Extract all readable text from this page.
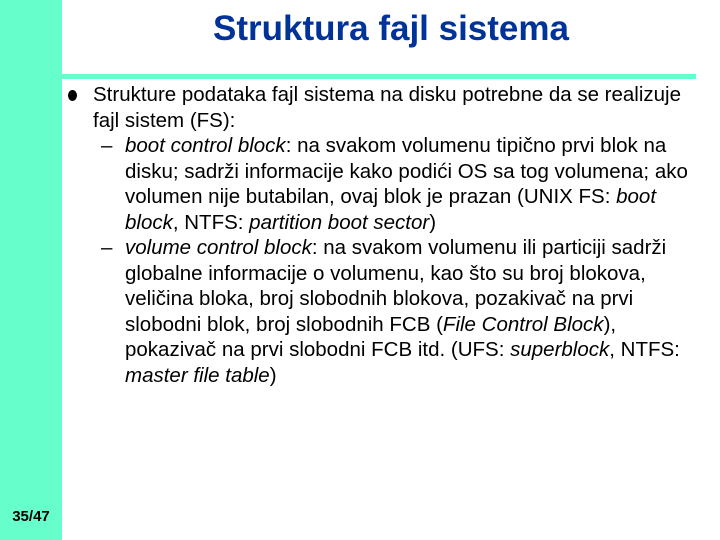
35/47
Struktura fajl sistema
Strukture podataka fajl sistema na disku potrebne da se realizuje fajl sistem (FS):
– boot control block: na svakom volumenu tipično prvi blok na disku; sadrži informacije kako podići OS sa tog volumena; ako volumen nije butabilan, ovaj blok je prazan (UNIX FS: boot block, NTFS: partition boot sector)
– volume control block: na svakom volumenu ili particiji sadrži globalne informacije o volumenu, kao što su broj blokova, veličina bloka, broj slobodnih blokova, pozakivač na prvi slobodni blok, broj slobodnih FCB (File Control Block), pokazivač na prvi slobodni FCB itd. (UFS: superblock, NTFS: master file table)
